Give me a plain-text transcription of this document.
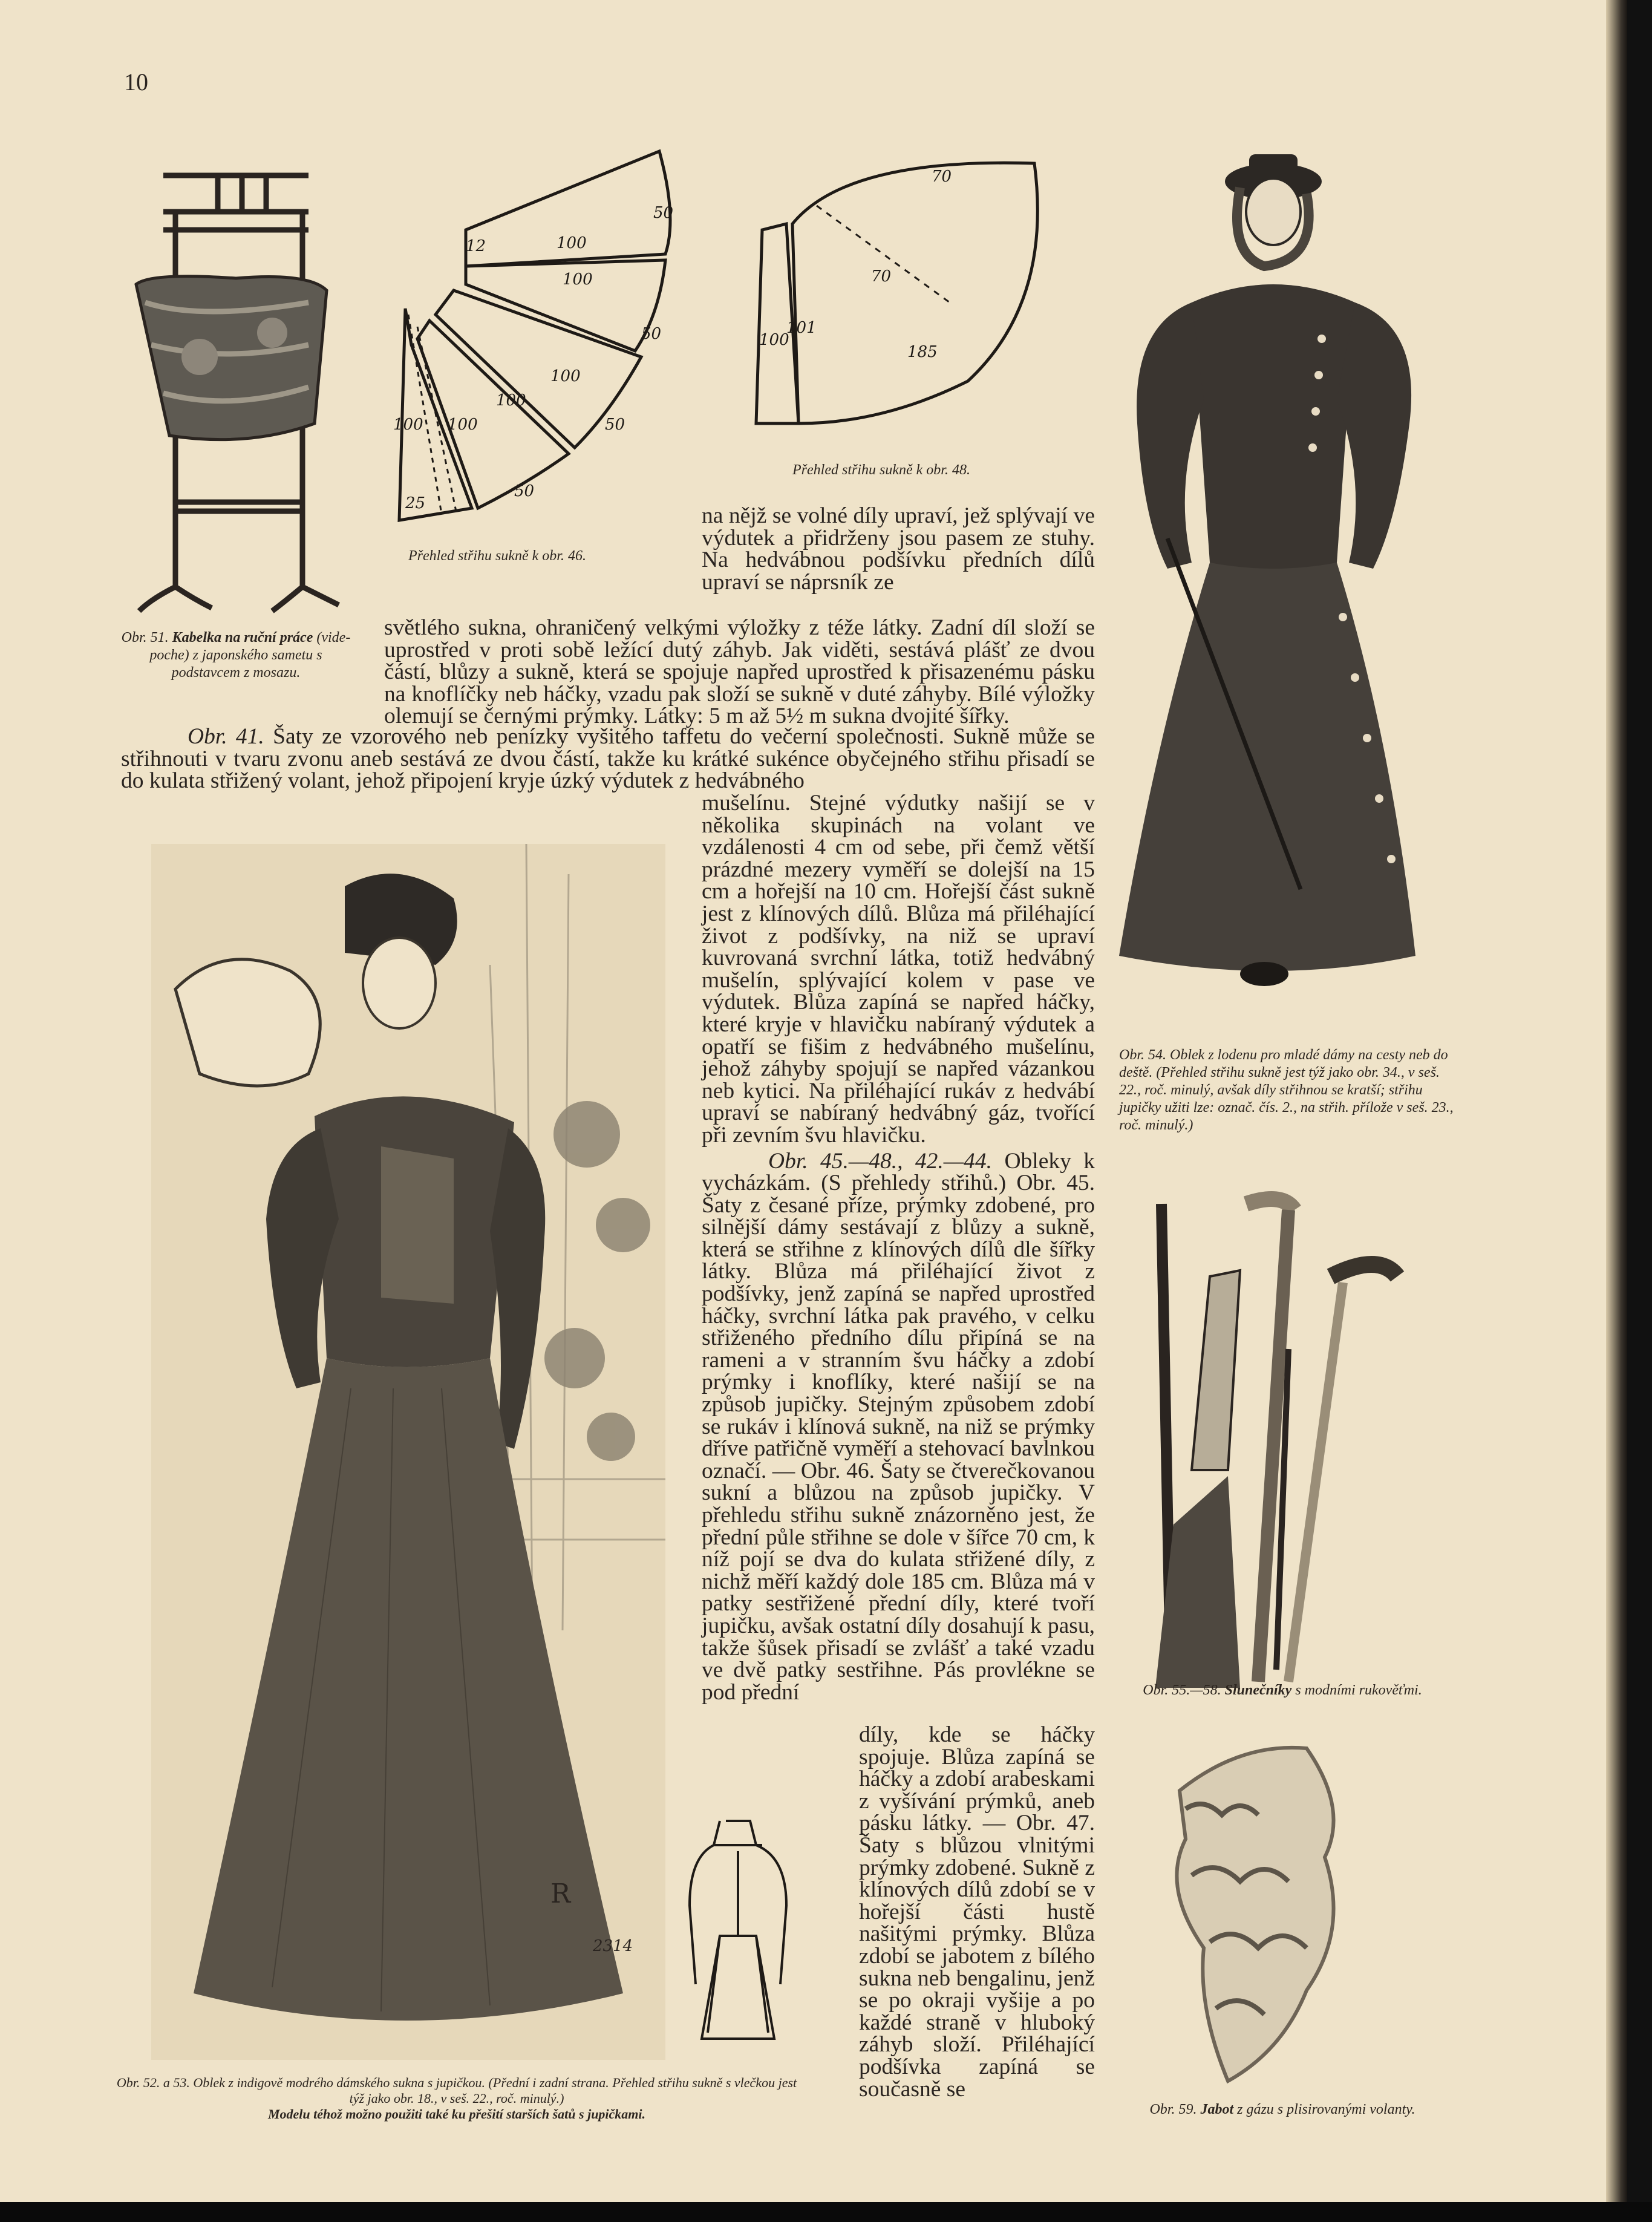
10
Obr. 51. Kabelka na ruční práce (vide-poche) z japonského sametu s podstavcem z mosazu.
50
12	100
100
50
100
50
100
50
100
100
25
Přehled střihu sukně k obr. 46.
70
70
185
100
101
Přehled střihu sukně k obr. 48.
Obr. 54. Oblek z lodenu pro mladé dámy na cesty neb do deště. (Přehled střihu sukně jest týž jako obr. 34., v seš. 22., roč. minulý, avšak díly střihnou se kratší; střihu jupičky užiti lze: označ. čís. 2., na střih. přílože v seš. 23., roč. minulý.)
Obr. 55.—58. Slunečníky s modními rukověťmi.
Obr. 59. Jabot z gázu s plisirovanými volanty.
R
2314
Obr. 52. a 53. Oblek z indigově modrého dámského sukna s jupičkou. (Přední i zadní strana. Přehled střihu sukně s vlečkou jest týž jako obr. 18., v seš. 22., roč. minulý.)
Modelu téhož možno použiti také ku přešití starších šatů s jupičkami.

na nějž se volné díly upraví, jež splývají ve výdutek a přidrženy jsou pasem ze stuhy. Na hedvábnou podšívku předních dílů upraví se náprsník ze

světlého sukna, ohraničený velkými výložky z téže látky. Zadní díl složí se uprostřed v proti sobě ležící dutý záhyb. Jak viděti, sestává plášť ze dvou částí, blůzy a sukně, která se spojuje napřed uprostřed k přisazenému pásku na knoflíčky neb háčky, vzadu pak složí se sukně v duté záhyby. Bílé výložky olemují se černými prýmky. Látky: 5 m až 5½ m sukna dvojité šířky.

Obr. 41. Šaty ze vzorového neb penízky vyšitého taffetu do večerní společnosti. Sukně může se střihnouti v tvaru zvonu aneb sestává ze dvou částí, takže ku krátké sukénce obyčejného střihu přisadí se do kulata střižený volant, jehož připojení kryje úzký výdutek z hedvábného

mušelínu. Stejné výdutky našijí se v několika skupinách na volant ve vzdálenosti 4 cm od sebe, při čemž větší prázdné mezery vyměří se dolejší na 15 cm a hořejší na 10 cm. Hořejší část sukně jest z klínových dílů. Blůza má přiléhající život z podšívky, na niž se upraví kuvrovaná svrchní látka, totiž hedvábný mušelín, splývající kolem v pase ve výdutek. Blůza zapíná se napřed háčky, které kryje v hlavičku nabíraný výdutek a opatří se fišim z hedvábného mušelínu, jehož záhyby spojují se napřed vázankou neb kytici. Na přiléhající rukáv z hedvábí upraví se nabíraný hedvábný gáz, tvořící při zevním švu hlavičku.

Obr. 45.—48., 42.—44. Obleky k vycházkám. (S přehledy střihů.) Obr. 45. Šaty z česané příze, prýmky zdobené, pro silnější dámy sestávají z blůzy a sukně, která se střihne z klínových dílů dle šířky látky. Blůza má přiléhající život z podšívky, jenž zapíná se napřed uprostřed háčky, svrchní látka pak pravého, v celku střiženého předního dílu připíná se na rameni a v stranním švu háčky a zdobí prýmky i knoflíky, které našijí se na způsob jupičky. Stejným způsobem zdobí se rukáv i klínová sukně, na niž se prýmky dříve patřičně vyměří a stehovací bavlnkou označí. — Obr. 46. Šaty se čtverečkovanou sukní a blůzou na způsob jupičky. V přehledu střihu sukně znázorněno jest, že přední půle střihne se dole v šířce 70 cm, k níž pojí se dva do kulata střižené díly, z nichž měří každý dole 185 cm. Blůza má v patky sestřižené přední díly, které tvoří jupičku, avšak ostatní díly dosahují k pasu, takže šůsek přisadí se zvlášť a také vzadu ve dvě patky sestřihne. Pás provlékne se pod přední

díly, kde se háčky spojuje. Blůza zapíná se háčky a zdobí arabeskami z vyšívání prýmků, aneb pásku látky. — Obr. 47. Šaty s blůzou vlnitými prýmky zdobené. Sukně z klínových dílů zdobí se v hořejší části hustě našitými prýmky. Blůza zdobí se jabotem z bílého sukna neb bengalinu, jenž se po okraji vyšije a po každé straně v hluboký záhyb složí. Přiléhající podšívka zapíná se současně se
